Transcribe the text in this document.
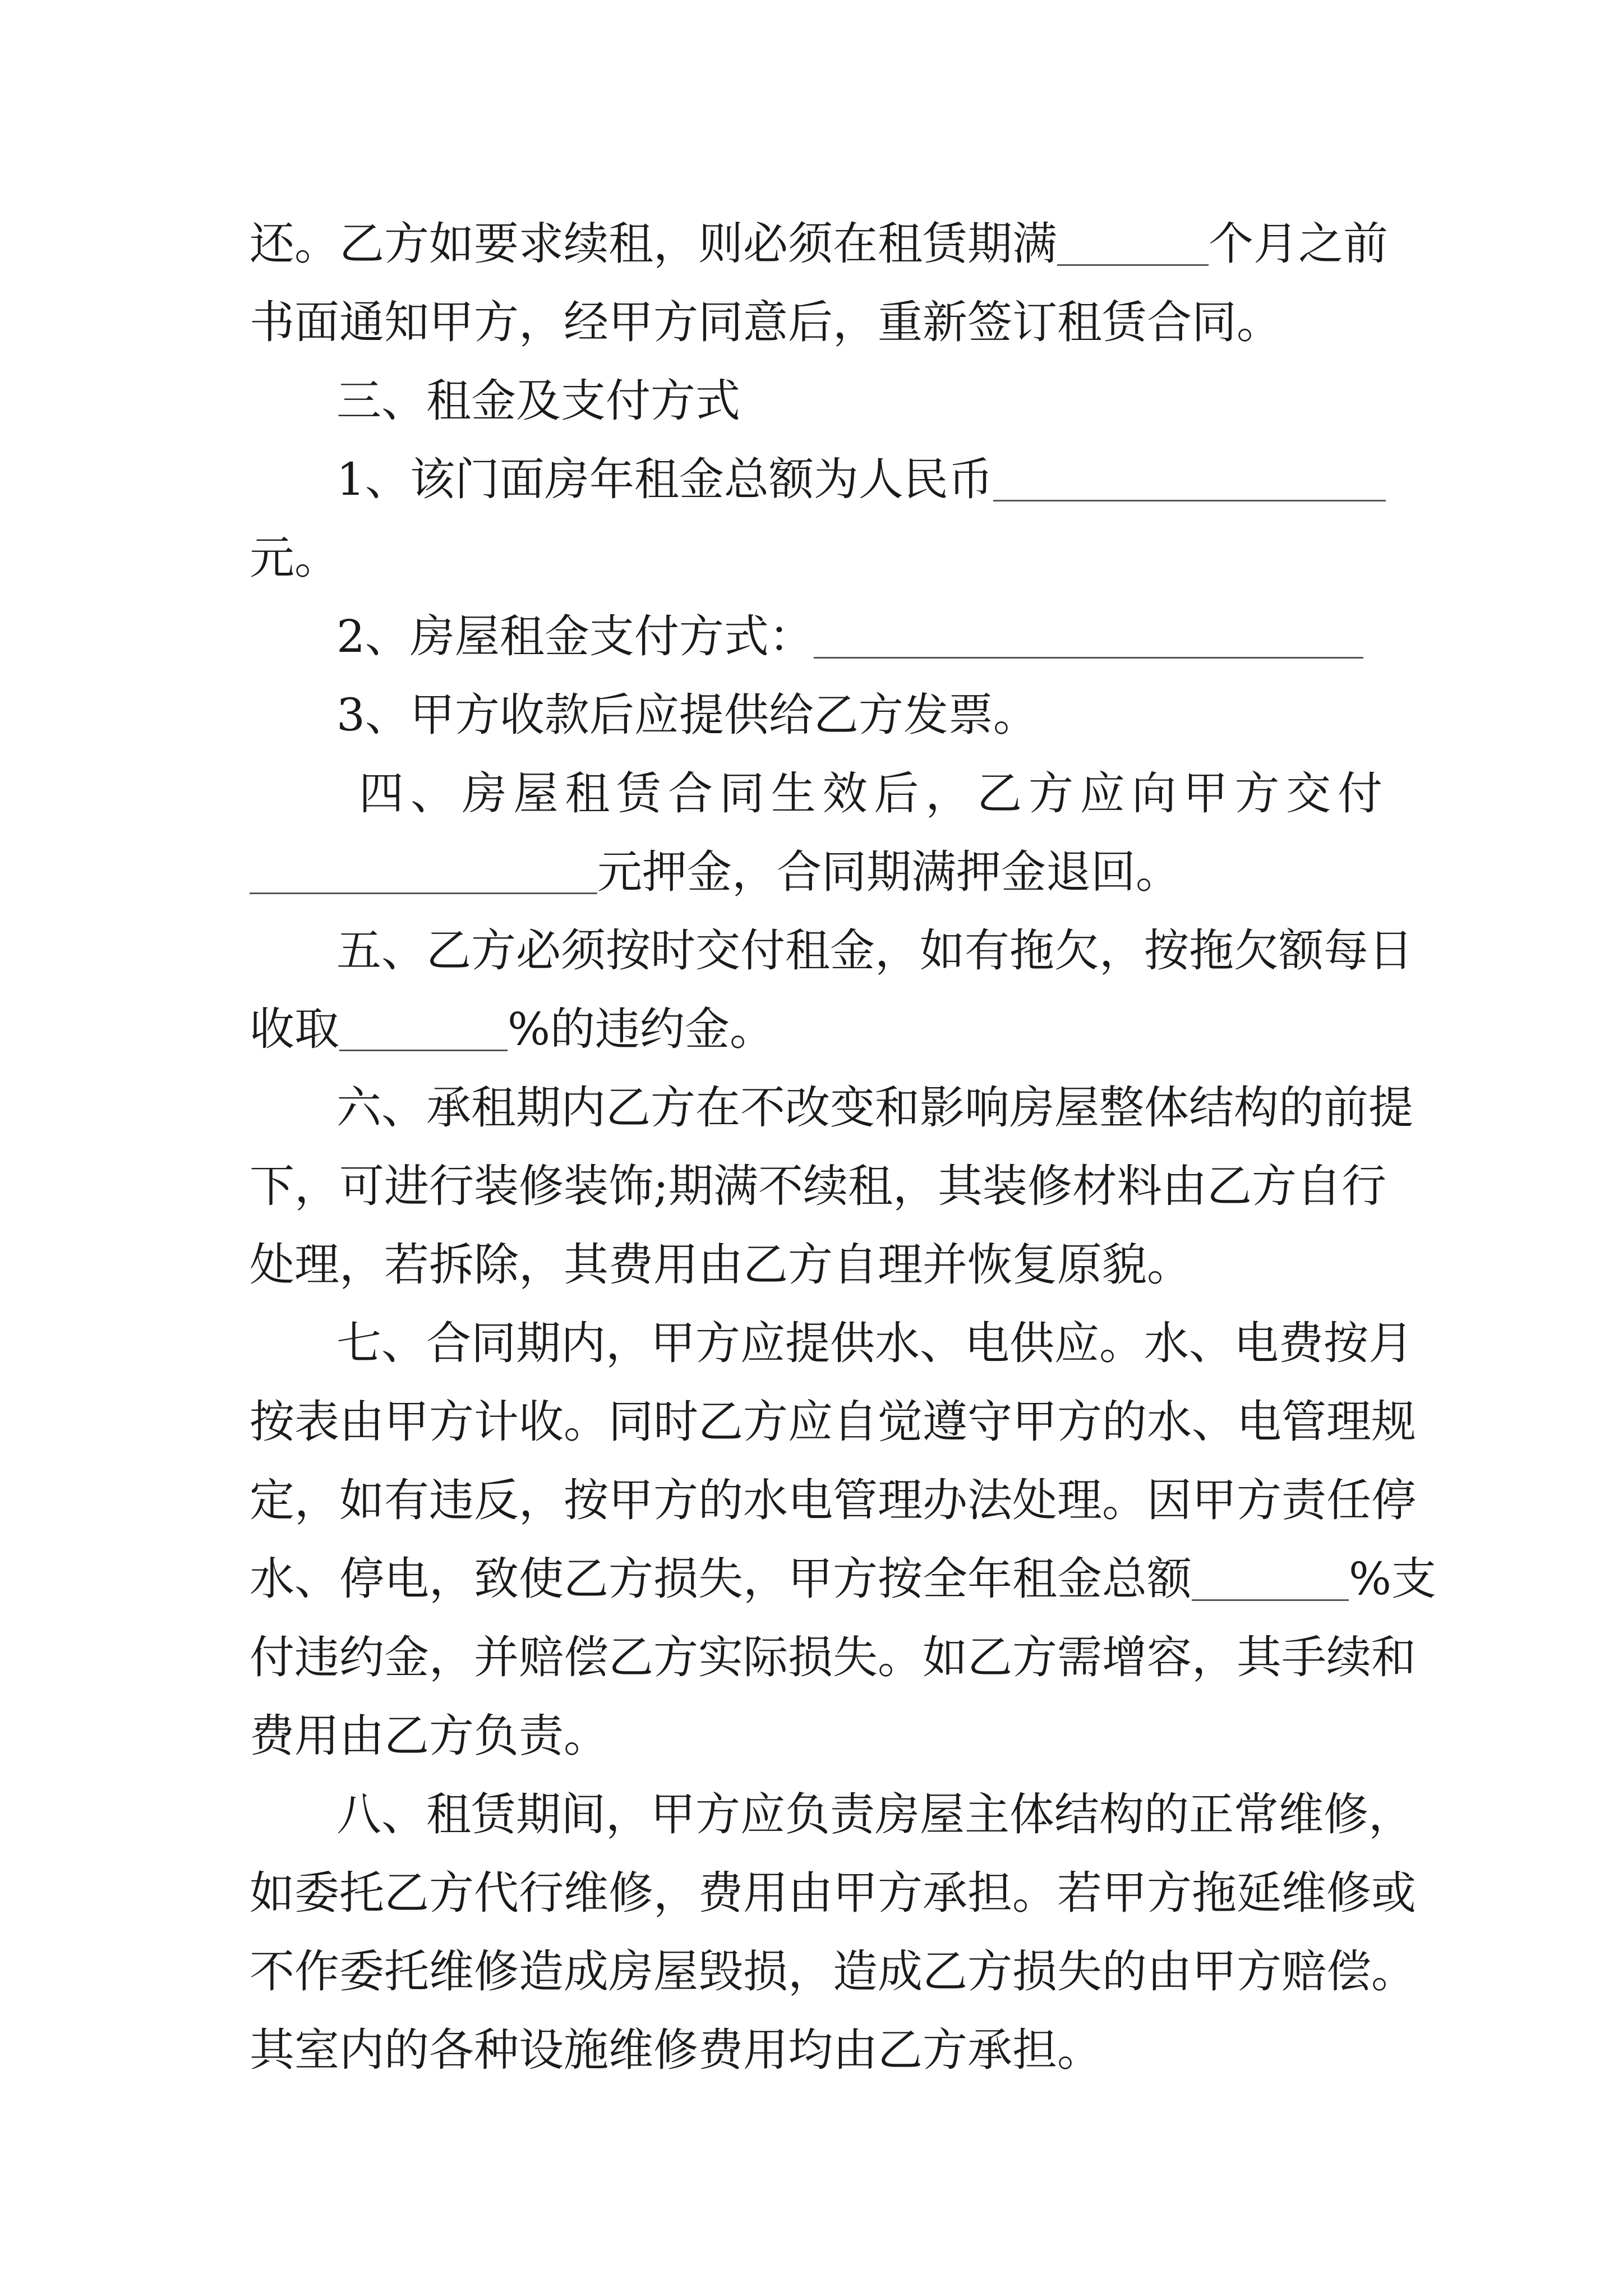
还。乙方如要求续租，则必须在租赁期满	个月之前
书面通知甲方，经甲方同意后，重新签订租赁合同。
三、租金及支付方式
1、该门面房年租金总额为人民币
元。
2、房屋租金支付方式：
3、甲方收款后应提供给乙方发票。
四、房屋租赁合同生效后，乙方应向甲方交付
元押金，合同期满押金退回。
五、乙方必须按时交付租金，如有拖欠，按拖欠额每日
收取	%的违约金。
六、承租期内乙方在不改变和影响房屋整体结构的前提
下，可进行装修装饰;期满不续租，其装修材料由乙方自行
处理，若拆除，其费用由乙方自理并恢复原貌。
七、合同期内，甲方应提供水、电供应。水、电费按月
按表由甲方计收。同时乙方应自觉遵守甲方的水、电管理规
定，如有违反，按甲方的水电管理办法处理。因甲方责任停
水、停电，致使乙方损失，甲方按全年租金总额	%支
付违约金，并赔偿乙方实际损失。如乙方需增容，其手续和
费用由乙方负责。
八、租赁期间，甲方应负责房屋主体结构的正常维修，
如委托乙方代行维修，费用由甲方承担。若甲方拖延维修或
不作委托维修造成房屋毁损，造成乙方损失的由甲方赔偿。
其室内的各种设施维修费用均由乙方承担。
